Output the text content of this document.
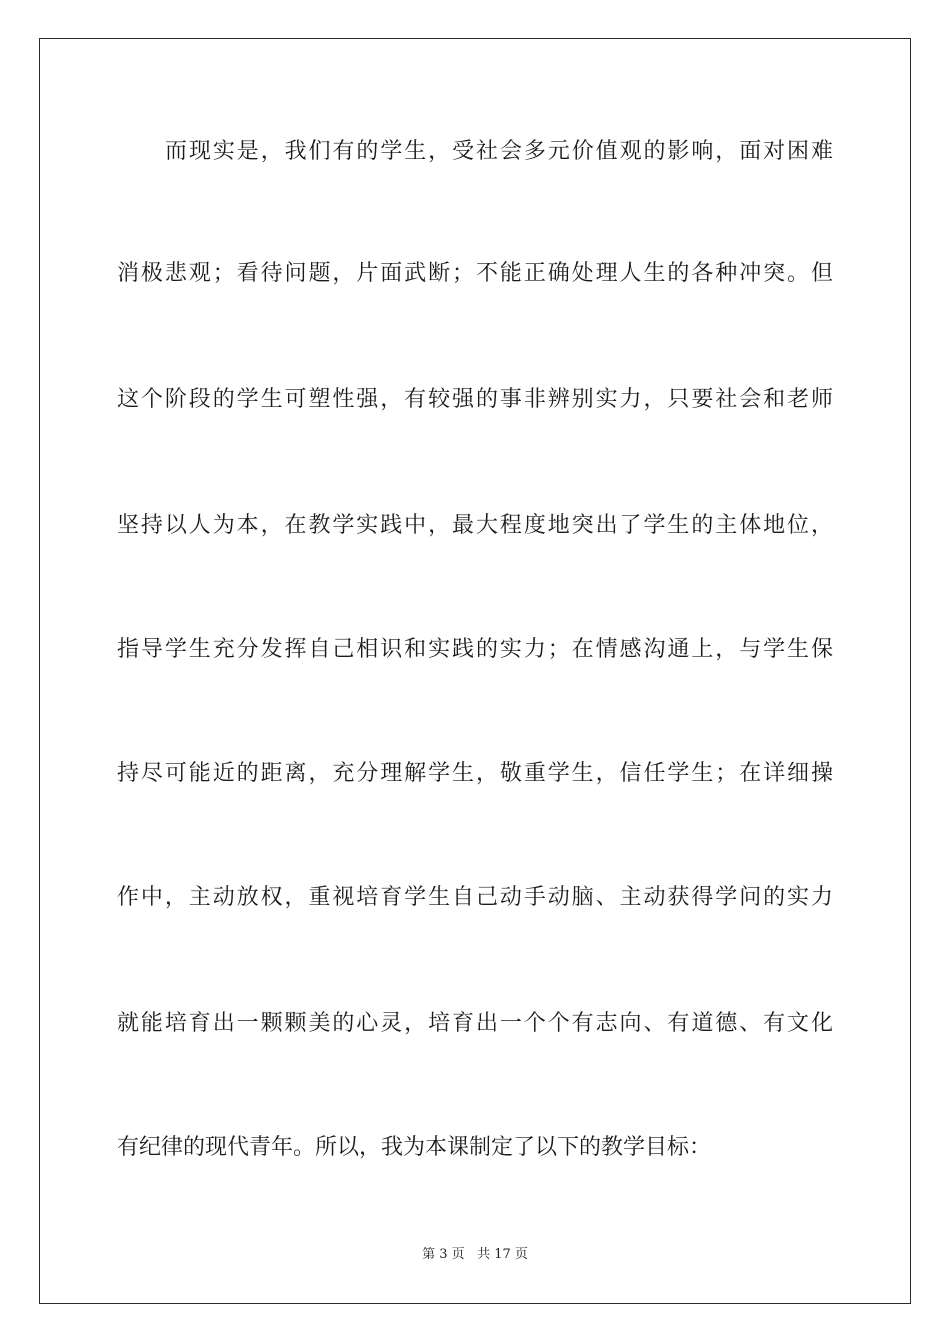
而现实是，我们有的学生，受社会多元价值观的影响，面对困难
消极悲观；看待问题，片面武断；不能正确处理人生的各种冲突。但
这个阶段的学生可塑性强，有较强的事非辨别实力，只要社会和老师
坚持以人为本，在教学实践中，最大程度地突出了学生的主体地位，
指导学生充分发挥自己相识和实践的实力；在情感沟通上，与学生保
持尽可能近的距离，充分理解学生，敬重学生，信任学生；在详细操
作中，主动放权，重视培育学生自己动手动脑、主动获得学问的实力
就能培育出一颗颗美的心灵，培育出一个个有志向、有道德、有文化
有纪律的现代青年。所以，我为本课制定了以下的教学目标：
第 3 页 共 17 页
